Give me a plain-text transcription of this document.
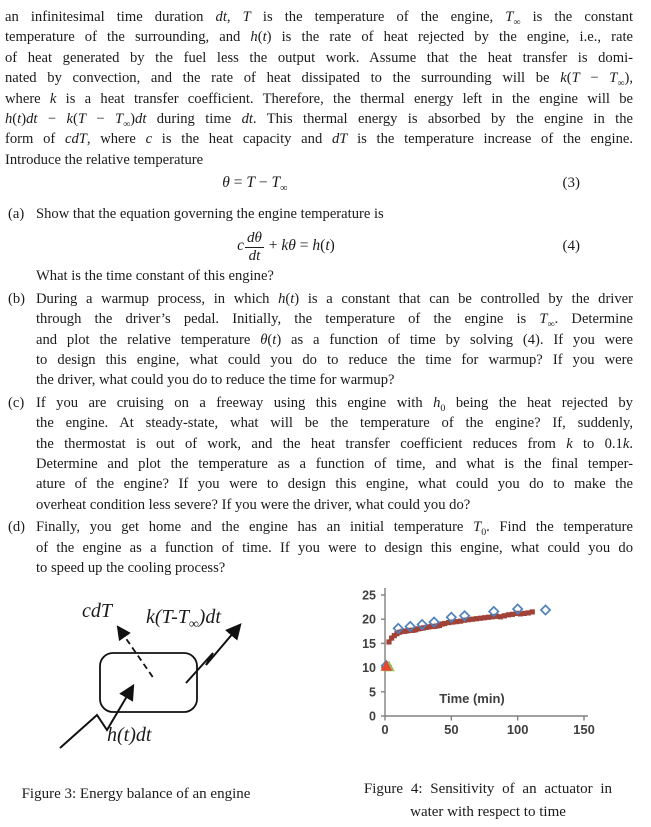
an infinitesimal time duration dt, T is the temperature of the engine, $T_\infty$ is the constant
temperature of the surrounding, and h(t) is the rate of heat rejected by the engine, i.e., rate
of heat generated by the fuel less the output work. Assume that the heat transfer is domi-
nated by convection, and the rate of heat dissipated to the surrounding will be $k(T - T_\infty)$,
where k is a heat transfer coefficient. Therefore, the thermal energy left in the engine will be
$h(t)dt - k(T - T_\infty)dt$ during time dt. This thermal energy is absorbed by the engine in the
form of cdT, where c is the heat capacity and dT is the temperature increase of the engine.
Introduce the relative temperature
$\theta = T - T_\infty$	(3)
(a) Show that the equation governing the engine temperature is
c $\frac{d\theta}{dt} + k\theta = h(t)$	(4)
What is the time constant of this engine?
(b) During a warmup process, in which h(t) is a constant that can be controlled by the driver
through the driver’s pedal. Initially, the temperature of the engine is $T_\infty$. Determine
and plot the relative temperature θ(t) as a function of time by solving (4). If you were
to design this engine, what could you do to reduce the time for warmup? If you were
the driver, what could you do to reduce the time for warmup?
(c) If you are cruising on a freeway using this engine with $h_0$ being the heat rejected by
the engine. At steady-state, what will be the temperature of the engine? If, suddenly,
the thermostat is out of work, and the heat transfer coefficient reduces from k to 0.1k.
Determine and plot the temperature as a function of time, and what is the final temper-
ature of the engine? If you were to design this engine, what could you do to make the
overheat condition less severe? If you were the driver, what could you do?
(d) Finally, you get home and the engine has an initial temperature $T_0$. Find the temperature
of the engine as a function of time. If you were to design this engine, what could you do
to speed up the cooling process?
cdT $k(T-T_\infty)dt$
h(t)dt
Figure 3: Energy balance of an engine
Time (min)
0
5
10
15
20
25
0	50	100	150
Figure 4: Sensitivity of an actuator in
water with respect to time
